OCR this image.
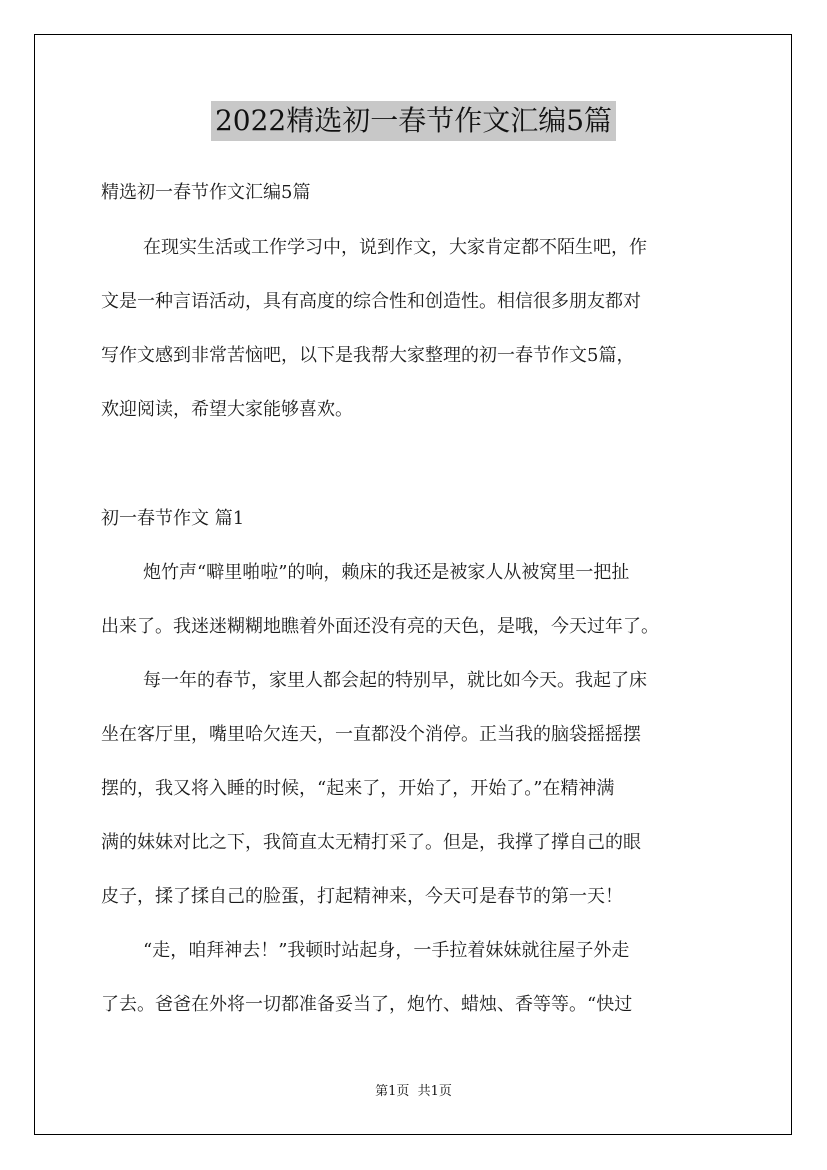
2022精选初一春节作文汇编5篇
精选初一春节作文汇编5篇
在现实生活或工作学习中，说到作文，大家肯定都不陌生吧，作
文是一种言语活动，具有高度的综合性和创造性。相信很多朋友都对
写作文感到非常苦恼吧，以下是我帮大家整理的初一春节作文5篇，
欢迎阅读，希望大家能够喜欢。
初一春节作文 篇1
炮竹声“噼里啪啦”的响，赖床的我还是被家人从被窝里一把扯
出来了。我迷迷糊糊地瞧着外面还没有亮的天色，是哦，今天过年了。
每一年的春节，家里人都会起的特别早，就比如今天。我起了床
坐在客厅里，嘴里哈欠连天，一直都没个消停。正当我的脑袋摇摇摆
摆的，我又将入睡的时候，“起来了，开始了，开始了。”在精神满
满的妹妹对比之下，我简直太无精打采了。但是，我撑了撑自己的眼
皮子，揉了揉自己的脸蛋，打起精神来，今天可是春节的第一天！
“走，咱拜神去！”我顿时站起身，一手拉着妹妹就往屋子外走
了去。爸爸在外将一切都准备妥当了，炮竹、蜡烛、香等等。“快过
第1页 共1页
